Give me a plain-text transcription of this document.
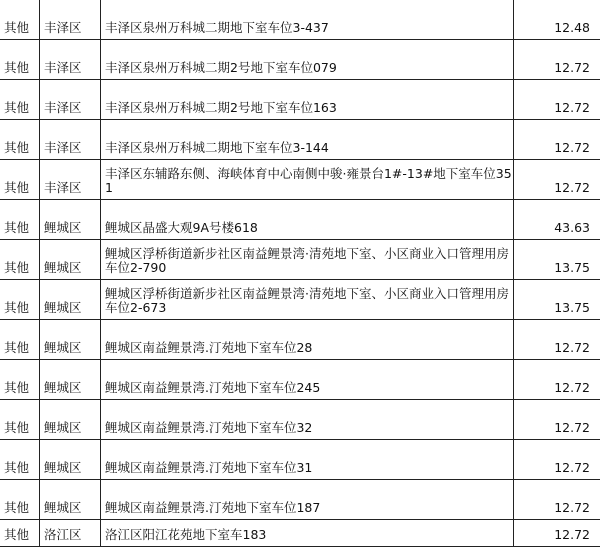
其他	丰泽区	丰泽区泉州万科城二期地下室车位3-437	12.48
其他	丰泽区	丰泽区泉州万科城二期2号地下室车位079	12.72
其他	丰泽区	丰泽区泉州万科城二期2号地下室车位163	12.72
其他	丰泽区	丰泽区泉州万科城二期地下室车位3-144	12.72
其他	丰泽区	丰泽区东辅路东侧、海峡体育中心南侧中骏·雍景台1#-13#地下室车位351	12.72
其他	鲤城区	鲤城区晶盛大观9A号楼618	43.63
其他	鲤城区	鲤城区浮桥街道新步社区南益鲤景湾·清苑地下室、小区商业入口管理用房车位2-790	13.75
其他	鲤城区	鲤城区浮桥街道新步社区南益鲤景湾·清苑地下室、小区商业入口管理用房车位2-673	13.75
其他	鲤城区	鲤城区南益鲤景湾.汀苑地下室车位28	12.72
其他	鲤城区	鲤城区南益鲤景湾.汀苑地下室车位245	12.72
其他	鲤城区	鲤城区南益鲤景湾.汀苑地下室车位32	12.72
其他	鲤城区	鲤城区南益鲤景湾.汀苑地下室车位31	12.72
其他	鲤城区	鲤城区南益鲤景湾.汀苑地下室车位187	12.72
其他	洛江区	洛江区阳江花苑地下室车183	12.72
